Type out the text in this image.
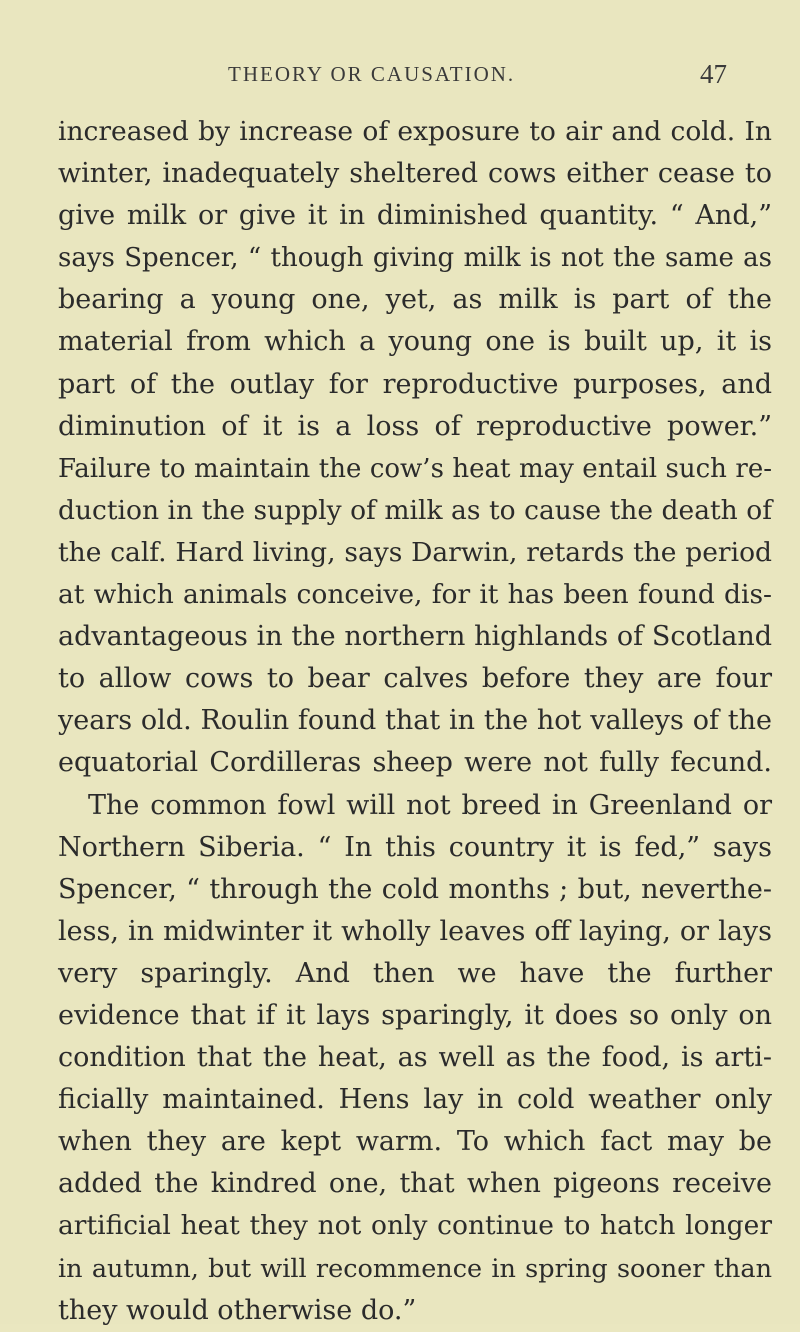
THEORY OR CAUSATION.	47
increased by increase of exposure to air and cold. In
winter, inadequately sheltered cows either cease to
give milk or give it in diminished quantity. “ And,”
says Spencer, “ though giving milk is not the same as
bearing a young one, yet, as milk is part of the
material from which a young one is built up, it is
part of the outlay for reproductive purposes, and
diminution of it is a loss of reproductive power.”
Failure to maintain the cow’s heat may entail such re-
duction in the supply of milk as to cause the death of
the calf. Hard living, says Darwin, retards the period
at which animals conceive, for it has been found dis-
advantageous in the northern highlands of Scotland
to allow cows to bear calves before they are four
years old. Roulin found that in the hot valleys of the
equatorial Cordilleras sheep were not fully fecund.
The common fowl will not breed in Greenland or
Northern Siberia. “ In this country it is fed,” says
Spencer, “ through the cold months ; but, neverthe-
less, in midwinter it wholly leaves off laying, or lays
very sparingly. And then we have the further
evidence that if it lays sparingly, it does so only on
condition that the heat, as well as the food, is arti-
ficially maintained. Hens lay in cold weather only
when they are kept warm. To which fact may be
added the kindred one, that when pigeons receive
artificial heat they not only continue to hatch longer
in autumn, but will recommence in spring sooner than
they would otherwise do.”
